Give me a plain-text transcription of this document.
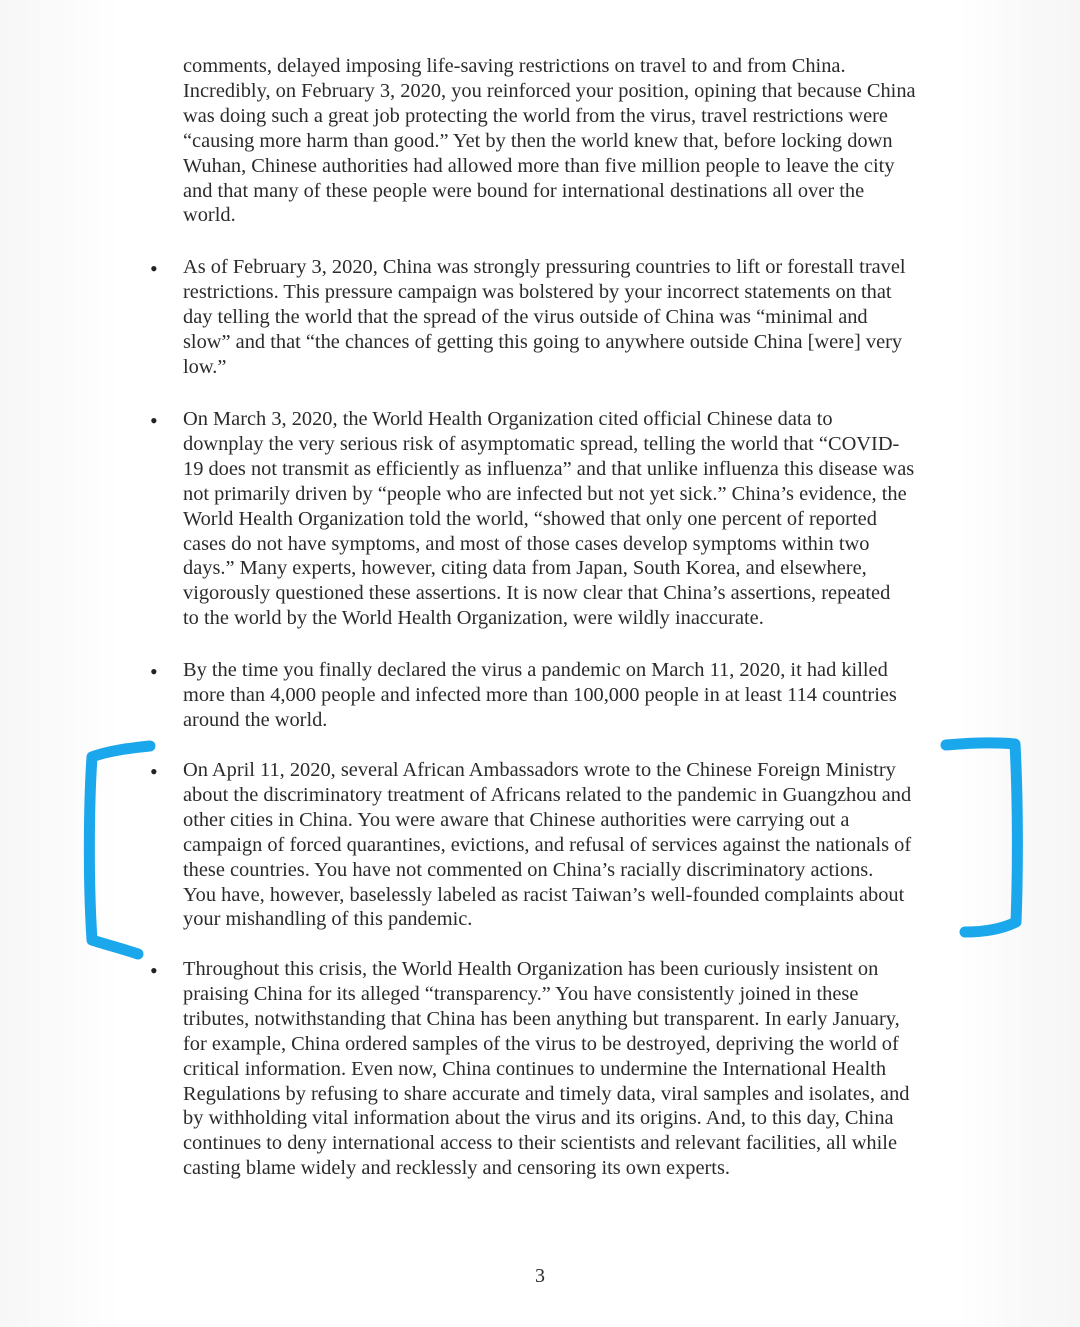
comments, delayed imposing life-saving restrictions on travel to and from China.
Incredibly, on February 3, 2020, you reinforced your position, opining that because China
was doing such a great job protecting the world from the virus, travel restrictions were
“causing more harm than good.” Yet by then the world knew that, before locking down
Wuhan, Chinese authorities had allowed more than five million people to leave the city
and that many of these people were bound for international destinations all over the
world.
• As of February 3, 2020, China was strongly pressuring countries to lift or forestall travel
restrictions. This pressure campaign was bolstered by your incorrect statements on that
day telling the world that the spread of the virus outside of China was “minimal and
slow” and that “the chances of getting this going to anywhere outside China [were] very
low.”
• On March 3, 2020, the World Health Organization cited official Chinese data to
downplay the very serious risk of asymptomatic spread, telling the world that “COVID-
19 does not transmit as efficiently as influenza” and that unlike influenza this disease was
not primarily driven by “people who are infected but not yet sick.” China’s evidence, the
World Health Organization told the world, “showed that only one percent of reported
cases do not have symptoms, and most of those cases develop symptoms within two
days.” Many experts, however, citing data from Japan, South Korea, and elsewhere,
vigorously questioned these assertions. It is now clear that China’s assertions, repeated
to the world by the World Health Organization, were wildly inaccurate.
• By the time you finally declared the virus a pandemic on March 11, 2020, it had killed
more than 4,000 people and infected more than 100,000 people in at least 114 countries
around the world.
• On April 11, 2020, several African Ambassadors wrote to the Chinese Foreign Ministry
about the discriminatory treatment of Africans related to the pandemic in Guangzhou and
other cities in China. You were aware that Chinese authorities were carrying out a
campaign of forced quarantines, evictions, and refusal of services against the nationals of
these countries. You have not commented on China’s racially discriminatory actions.
You have, however, baselessly labeled as racist Taiwan’s well-founded complaints about
your mishandling of this pandemic.
• Throughout this crisis, the World Health Organization has been curiously insistent on
praising China for its alleged “transparency.” You have consistently joined in these
tributes, notwithstanding that China has been anything but transparent. In early January,
for example, China ordered samples of the virus to be destroyed, depriving the world of
critical information. Even now, China continues to undermine the International Health
Regulations by refusing to share accurate and timely data, viral samples and isolates, and
by withholding vital information about the virus and its origins. And, to this day, China
continues to deny international access to their scientists and relevant facilities, all while
casting blame widely and recklessly and censoring its own experts.
3
